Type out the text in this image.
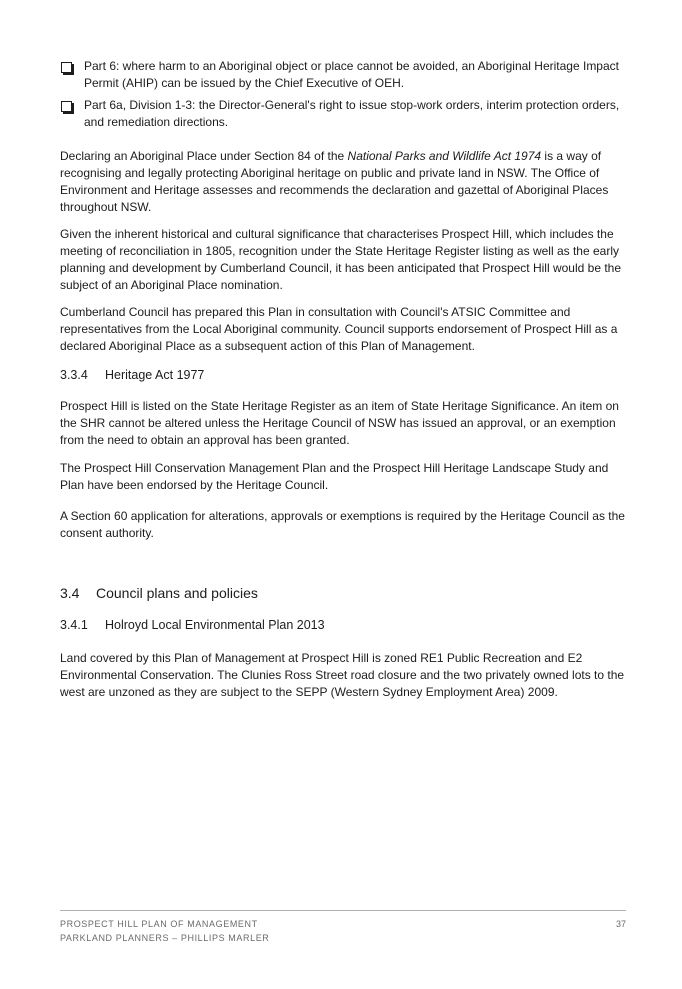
Part 6: where harm to an Aboriginal object or place cannot be avoided, an Aboriginal Heritage Impact Permit (AHIP) can be issued by the Chief Executive of OEH.
Part 6a, Division 1-3: the Director-General's right to issue stop-work orders, interim protection orders, and remediation directions.

Declaring an Aboriginal Place under Section 84 of the National Parks and Wildlife Act 1974 is a way of recognising and legally protecting Aboriginal heritage on public and private land in NSW. The Office of Environment and Heritage assesses and recommends the declaration and gazettal of Aboriginal Places throughout NSW.

Given the inherent historical and cultural significance that characterises Prospect Hill, which includes the meeting of reconciliation in 1805, recognition under the State Heritage Register listing as well as the early planning and development by Cumberland Council, it has been anticipated that Prospect Hill would be the subject of an Aboriginal Place nomination.

Cumberland Council has prepared this Plan in consultation with Council's ATSIC Committee and representatives from the Local Aboriginal community. Council supports endorsement of Prospect Hill as a declared Aboriginal Place as a subsequent action of this Plan of Management.

3.3.4 Heritage Act 1977

Prospect Hill is listed on the State Heritage Register as an item of State Heritage Significance. An item on the SHR cannot be altered unless the Heritage Council of NSW has issued an approval, or an exemption from the need to obtain an approval has been granted.

The Prospect Hill Conservation Management Plan and the Prospect Hill Heritage Landscape Study and Plan have been endorsed by the Heritage Council.

A Section 60 application for alterations, approvals or exemptions is required by the Heritage Council as the consent authority.

3.4 Council plans and policies
3.4.1 Holroyd Local Environmental Plan 2013

Land covered by this Plan of Management at Prospect Hill is zoned RE1 Public Recreation and E2 Environmental Conservation. The Clunies Ross Street road closure and the two privately owned lots to the west are unzoned as they are subject to the SEPP (Western Sydney Employment Area) 2009.

PROSPECT HILL PLAN OF MANAGEMENT
PARKLAND PLANNERS – PHILLIPS MARLER
37
